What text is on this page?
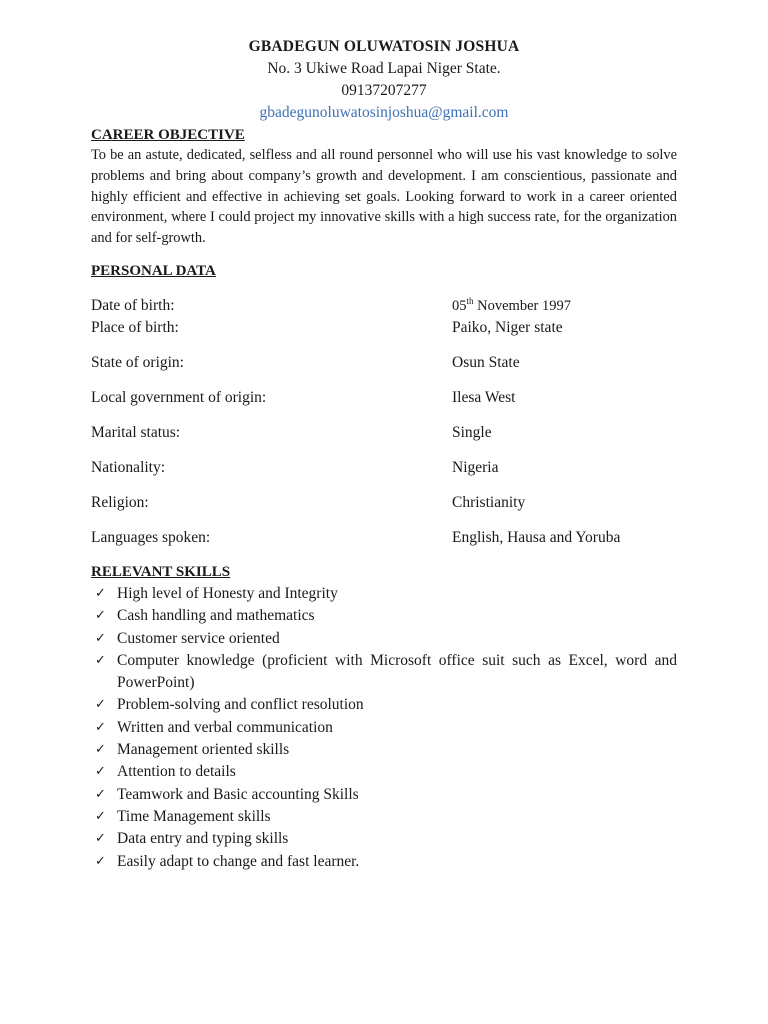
GBADEGUN OLUWATOSIN JOSHUA
No. 3 Ukiwe Road Lapai Niger State.
09137207277
gbadegunoluwatosinjoshua@gmail.com
CAREER OBJECTIVE
To be an astute, dedicated, selfless and all round personnel who will use his vast knowledge to solve problems and bring about company’s growth and development. I am conscientious, passionate and highly efficient and effective in achieving set goals. Looking forward to work in a career oriented environment, where I could project my innovative skills with a high success rate, for the organization and for self-growth.
PERSONAL DATA
Date of birth:	05th November 1997
Place of birth:	Paiko, Niger state
State of origin:	Osun State
Local government of origin:	Ilesa West
Marital status:	Single
Nationality:	Nigeria
Religion:	Christianity
Languages spoken:	English, Hausa and Yoruba
RELEVANT SKILLS
✓ High level of Honesty and Integrity
✓ Cash handling and mathematics
✓ Customer service oriented
✓ Computer knowledge (proficient with Microsoft office suit such as Excel, word and PowerPoint)
✓ Problem-solving and conflict resolution
✓ Written and verbal communication
✓ Management oriented skills
✓ Attention to details
✓ Teamwork and Basic accounting Skills
✓ Time Management skills
✓ Data entry and typing skills
✓ Easily adapt to change and fast learner.
